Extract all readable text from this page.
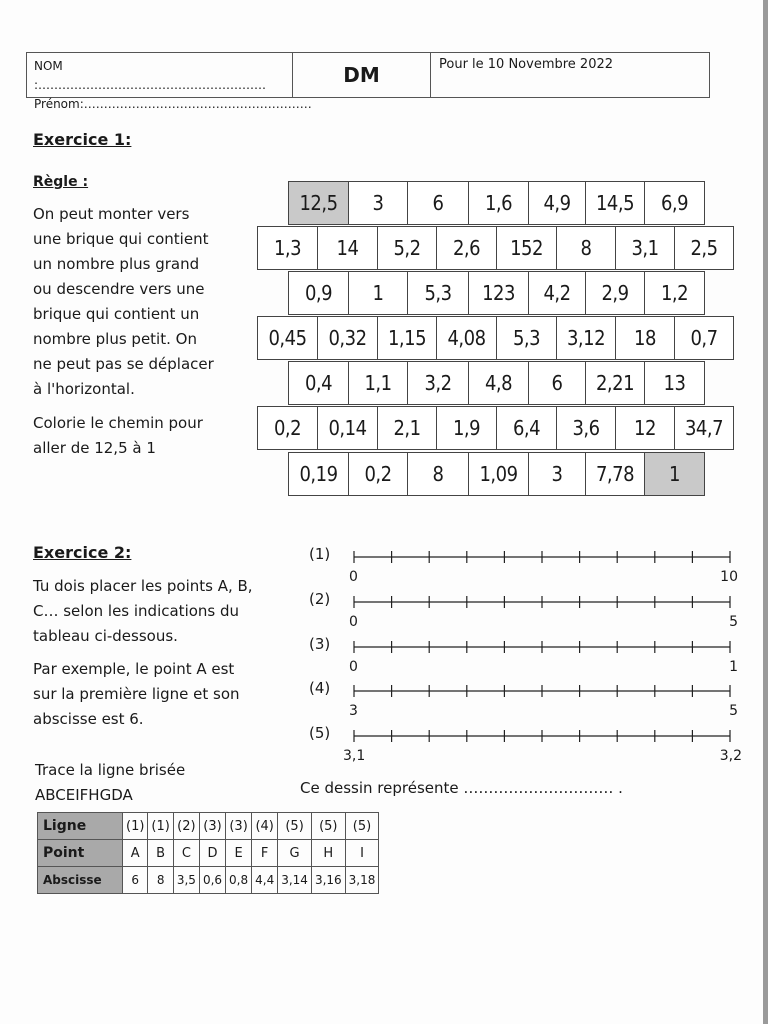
NOM :…………………………………………………
Prénom:…………………………………………………
DM	Pour le 10 Novembre 2022
Exercice 1:
Règle :
On peut monter vers
une brique qui contient
un nombre plus grand
ou descendre vers une
brique qui contient un
nombre plus petit. On
ne peut pas se déplacer
à l'horizontal.
Colorie le chemin pour
aller de 12,5 à 1
12,5	3	6	1,6	4,9	14,5	6,9
1,3	14	5,2	2,6	152	8	3,1	2,5
0,9	1	5,3	123	4,2	2,9	1,2
0,45	0,32	1,15	4,08	5,3	3,12	18	0,7
0,4	1,1	3,2	4,8	6	2,21	13
0,2	0,14	2,1	1,9	6,4	3,6	12	34,7
0,19	0,2	8	1,09	3	7,78	1
Exercice 2:
Tu dois placer les points A, B,
C… selon les indications du
tableau ci-dessous.
Par exemple, le point A est
sur la première ligne et son
abscisse est 6.
Trace la ligne brisée
ABCEIFHGDA	Ce dessin représente ………………………… .
(1)
0	10
(2)
0	5
(3)
0	1
(4)
3	5
(5)
3,1	3,2
Ligne	(1)	(1)	(2)	(3)	(3)	(4)	(5)	(5)	(5)
Point	A	B	C	D	E	F	G	H	I
Abscisse	6	8	3,5	0,6	0,8	4,4	3,14	3,16	3,18
